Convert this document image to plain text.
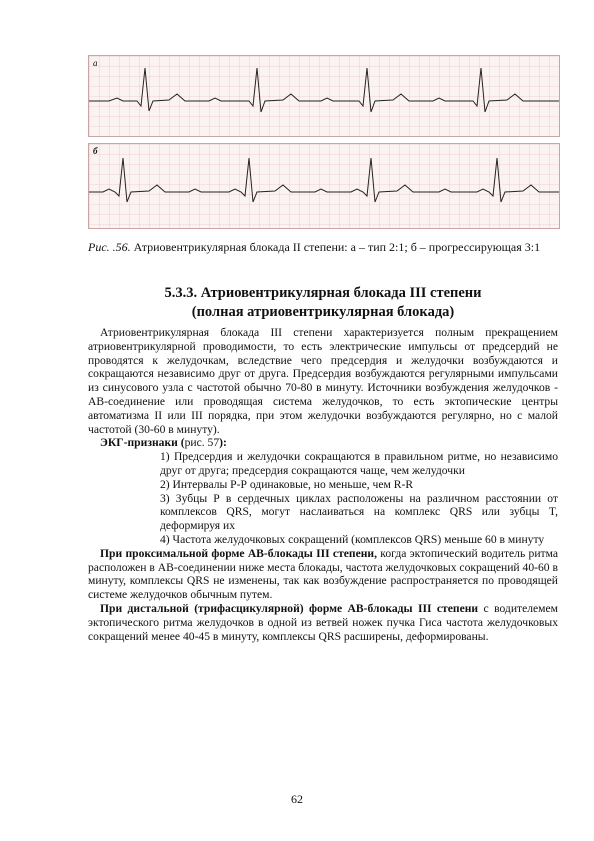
а
б
Рис. .56. Атриовентрикулярная блокада II степени: а – тип 2:1; б – прогрессирующая 3:1
5.3.3. Атриовентрикулярная блокада III степени
(полная атриовентрикулярная блокада)

Атриовентрикулярная блокада III степени характеризуется полным прекращением атриовентрикулярной проводимости, то есть электрические импульсы от предсердий не проводятся к желудочкам, вследствие чего предсердия и желудочки возбуждаются и сокращаются независимо друг от друга. Предсердия возбуждаются регулярными импульсами из синусового узла с частотой обычно 70-80 в минуту. Источники возбуждения желудочков - АВ-соединение или проводящая система желудочков, то есть эктопические центры автоматизма II или III порядка, при этом желудочки возбуждаются регулярно, но с малой частотой (30-60 в минуту).

ЭКГ-признаки (рис. 57):

1) Предсердия и желудочки сокращаются в правильном ритме, но независимо друг от друга; предсердия сокращаются чаще, чем желудочки

2) Интервалы Р-Р одинаковые, но меньше, чем R-R

3) Зубцы Р в сердечных циклах расположены на различном расстоянии от комплексов QRS, могут наслаиваться на комплекс QRS или зубцы T, деформируя их

4) Частота желудочковых сокращений (комплексов QRS) меньше 60 в минуту

При проксимальной форме АВ-блокады III степени, когда эктопический водитель ритма расположен в АВ-соединении ниже места блокады, частота желудочковых сокращений 40-60 в минуту, комплексы QRS не изменены, так как возбуждение распространяется по проводящей системе желудочков обычным путем.

При дистальной (трифасцикулярной) форме АВ-блокады III степени с водителемем эктопического ритма желудочков в одной из ветвей ножек пучка Гиса частота желудочковых сокращений менее 40-45 в минуту, комплексы QRS расширены, деформированы.

62
